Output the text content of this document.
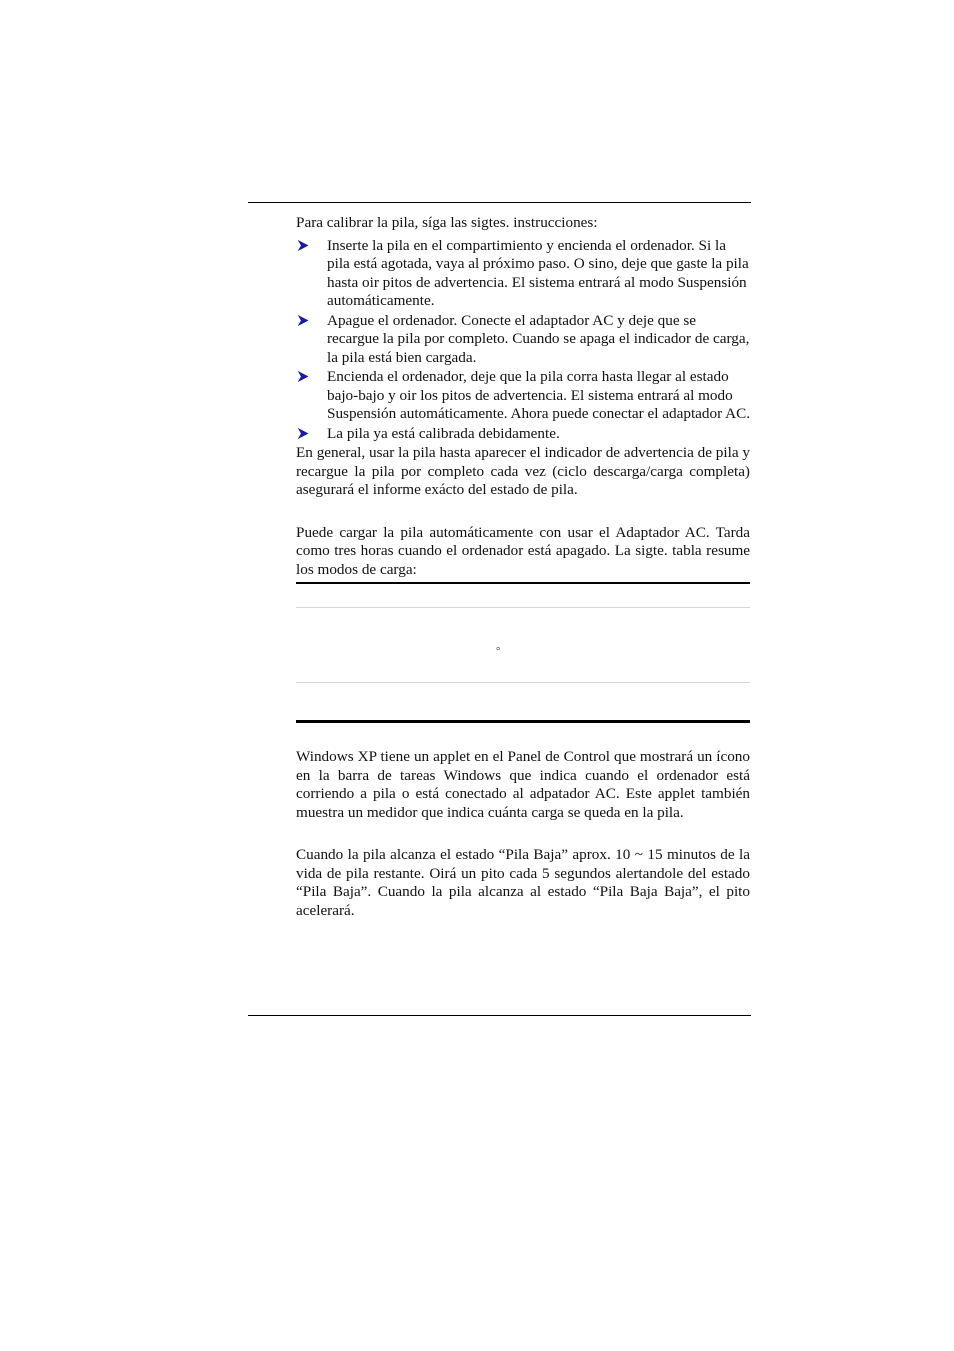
Para calibrar la pila, síga las sigtes. instrucciones:

Inserte la pila en el compartimiento y encienda el ordenador. Si la pila está agotada, vaya al próximo paso. O sino, deje que gaste la pila hasta oir pitos de advertencia. El sistema entrará al modo Suspensión automáticamente.
Apague el ordenador. Conecte el adaptador AC y deje que se recargue la pila por completo. Cuando se apaga el indicador de carga, la pila está bien cargada.
Encienda el ordenador, deje que la pila corra hasta llegar al estado bajo-bajo y oir los pitos de advertencia. El sistema entrará al modo Suspensión automáticamente. Ahora puede conectar el adaptador AC.
La pila ya está calibrada debidamente.

En general, usar la pila hasta aparecer el indicador de advertencia de pila y recargue la pila por completo cada vez (ciclo descarga/carga completa) asegurará el informe exácto del estado de pila.

Puede cargar la pila automáticamente con usar el Adaptador AC. Tarda como tres horas cuando el ordenador está apagado. La sigte. tabla resume los modos de carga:

°

Windows XP tiene un applet en el Panel de Control que mostrará un ícono en la barra de tareas Windows que indica cuando el ordenador está corriendo a pila o está conectado al adpatador AC. Este applet también muestra un medidor que indica cuánta carga se queda en la pila.

Cuando la pila alcanza el estado “Pila Baja” aprox. 10 ~ 15 minutos de la vida de pila restante. Oirá un pito cada 5 segundos alertandole del estado “Pila Baja”. Cuando la pila alcanza al estado “Pila Baja Baja”, el pito acelerará.
